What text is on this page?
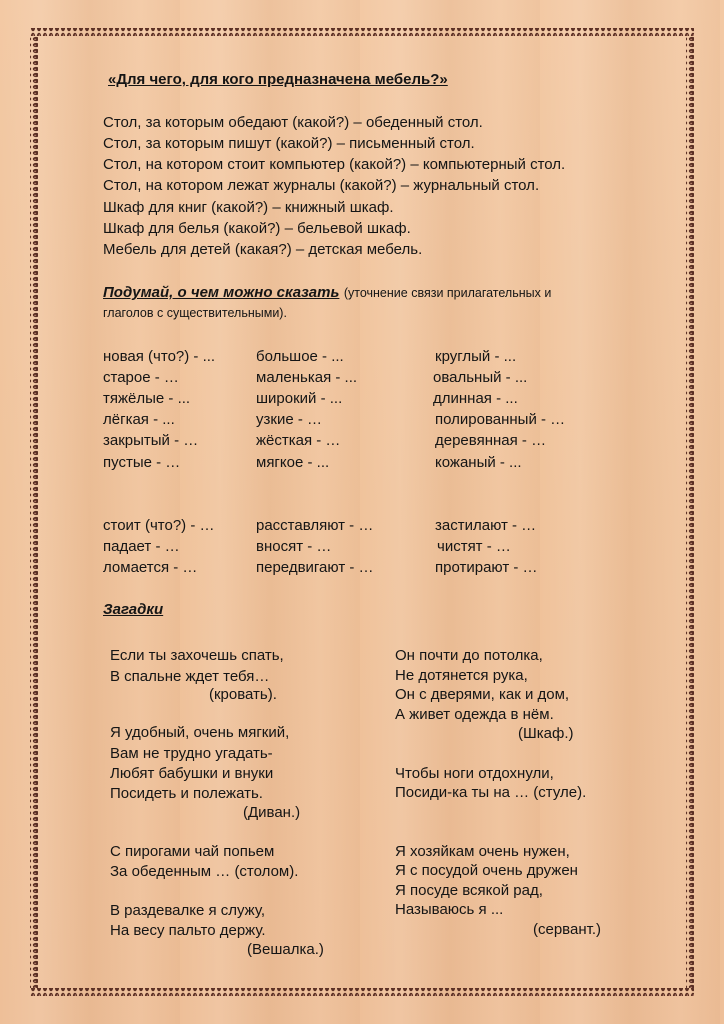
«Для чего, для кого предназначена мебель?»
Стол, за которым обедают (какой?) – обеденный стол.
Стол, за которым пишут (какой?) – письменный стол.
Стол, на котором стоит компьютер (какой?) – компьютерный стол.
Стол, на котором лежат журналы (какой?) – журнальный стол.
Шкаф для книг (какой?) – книжный шкаф.
Шкаф для белья (какой?) – бельевой шкаф.
Мебель для детей (какая?) – детская мебель.
Подумай, о чем можно сказать (уточнение связи прилагательных и
глаголов с существительными).
новая (что?) - ...
старое - …
тяжёлые - ...
лёгкая - ...
закрытый - …
пустые - …
большое - ...
маленькая - ...
широкий - ...
узкие - …
жёсткая - …
мягкое - ...
круглый - ...
овальный - ...
длинная - ...
полированный - …
деревянная - …
кожаный - ...
стоит (что?) - …
падает - …
ломается - …
расставляют - …
вносят - …
передвигают - …
застилают - …
чистят - …
протирают - …
Загадки
Если ты захочешь спать,
В спальне ждет тебя…
(кровать).
Я удобный, очень мягкий,
Вам не трудно угадать-
Любят бабушки и внуки
Посидеть и полежать.
(Диван.)
С пирогами чай попьем
За обеденным … (столом).
В раздевалке я служу,
На весу пальто держу.
(Вешалка.)
Он почти до потолка,
Не дотянется рука,
Он с дверями, как и дом,
А живет одежда в нём.
(Шкаф.)
Чтобы ноги отдохнули,
Посиди-ка ты на … (стуле).
Я хозяйкам очень нужен,
Я с посудой очень дружен
Я посуде всякой рад,
Называюсь я ...
(сервант.)
